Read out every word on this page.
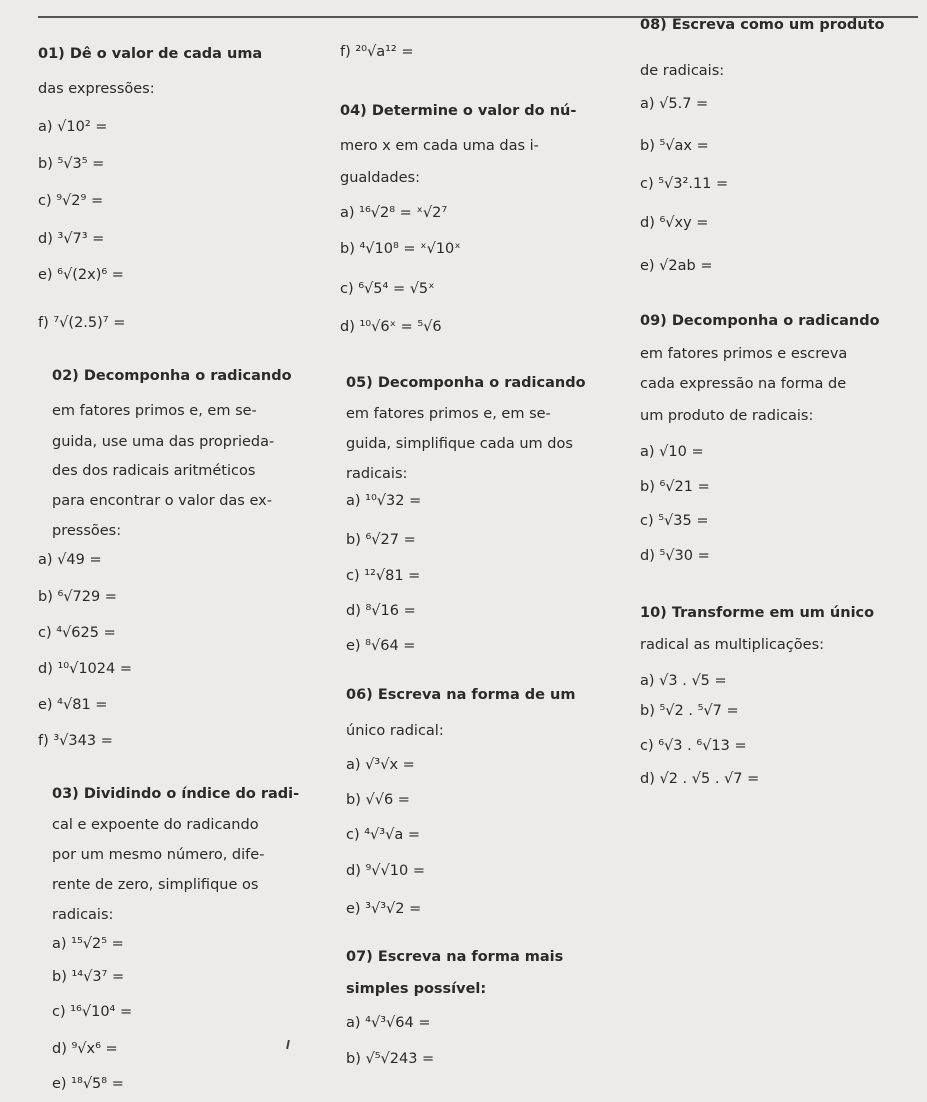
01) Dê o valor de cada uma
das expressões:
a) √10² =
b) ⁵√3⁵ =
c) ⁹√2⁹ =
d) ³√7³ =
e) ⁶√(2x)⁶ =
f) ⁷√(2.5)⁷ =
02) Decomponha o radicando
em fatores primos e, em se-
guida, use uma das proprieda-
des dos radicais aritméticos
para encontrar o valor das ex-
pressões:
a) √49 =
b) ⁶√729 =
c) ⁴√625 =
d) ¹⁰√1024 =
e) ⁴√81 =
f) ³√343 =
03) Dividindo o índice do radi-
cal e expoente do radicando
por um mesmo número, dife-
rente de zero, simplifique os
radicais:
a) ¹⁵√2⁵ =
b) ¹⁴√3⁷ =
c) ¹⁶√10⁴ =
d) ⁹√x⁶ =
e) ¹⁸√5⁸ =
f) ²⁰√a¹² =
04) Determine o valor do nú-
mero x em cada uma das i-
gualdades:
a) ¹⁶√2⁸ = ˣ√2⁷
b) ⁴√10⁸ = ˣ√10ˣ
c) ⁶√5⁴ = √5ˣ
d) ¹⁰√6ˣ = ⁵√6
05) Decomponha o radicando
em fatores primos e, em se-
guida, simplifique cada um dos
radicais:
a) ¹⁰√32 =
b) ⁶√27 =
c) ¹²√81 =
d) ⁸√16 =
e) ⁸√64 =
06) Escreva na forma de um
único radical:
a) √³√x =
b) √√6 =
c) ⁴√³√a =
d) ⁹√√10 =
e) ³√³√2 =
07) Escreva na forma mais
simples possível:
a) ⁴√³√64 =
b) √⁵√243 =
08) Escreva como um produto
de radicais:
a) √5.7 =
b) ⁵√ax =
c) ⁵√3².11 =
d) ⁶√xy =
e) √2ab =
09) Decomponha o radicando
em fatores primos e escreva
cada expressão na forma de
um produto de radicais:
a) √10 =
b) ⁶√21 =
c) ⁵√35 =
d) ⁵√30 =
10) Transforme em um único
radical as multiplicações:
a) √3 . √5 =
b) ⁵√2 . ⁵√7 =
c) ⁶√3 . ⁶√13 =
d) √2 . √5 . √7 =
